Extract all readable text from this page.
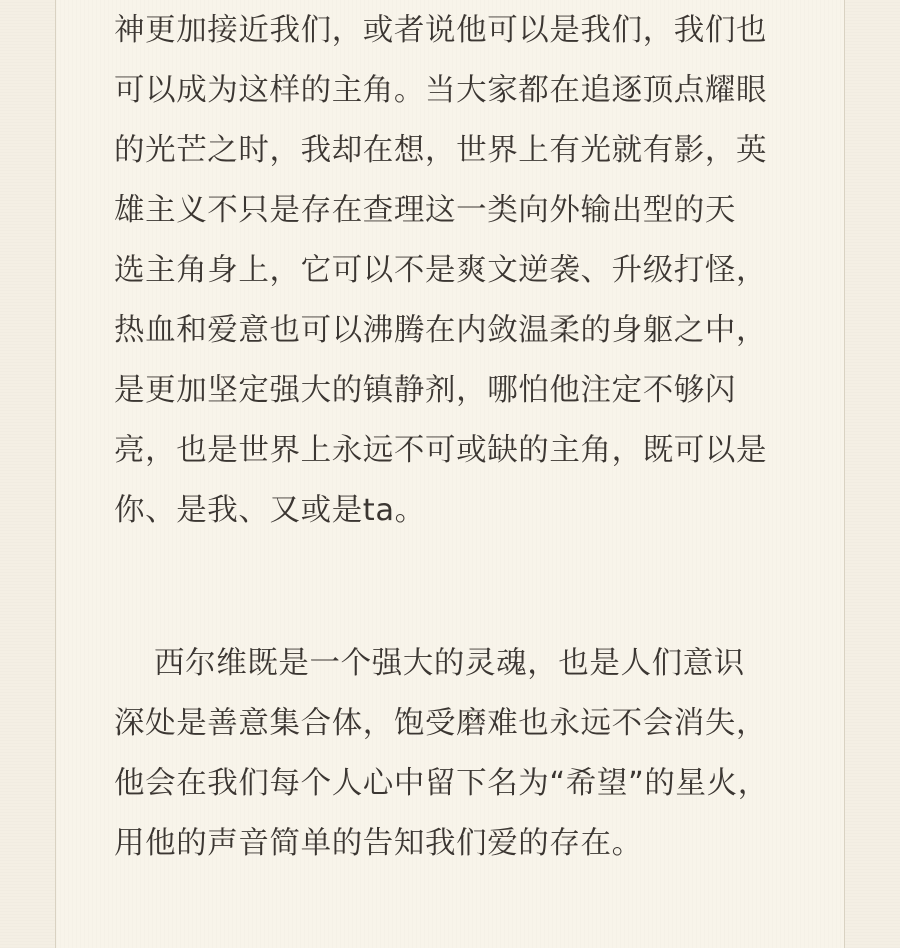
神更加接近我们，或者说他可以是我们，我们也
可以成为这样的主角。当大家都在追逐顶点耀眼
的光芒之时，我却在想，世界上有光就有影，英
雄主义不只是存在查理这一类向外输出型的天
选主角身上，它可以不是爽文逆袭、升级打怪，
热血和爱意也可以沸腾在内敛温柔的身躯之中，
是更加坚定强大的镇静剂，哪怕他注定不够闪
亮，也是世界上永远不可或缺的主角，既可以是
你、是我、又或是ta。
西尔维既是一个强大的灵魂，也是人们意识
深处是善意集合体，饱受磨难也永远不会消失，
他会在我们每个人心中留下名为“希望”的星火，
用他的声音简单的告知我们爱的存在。
